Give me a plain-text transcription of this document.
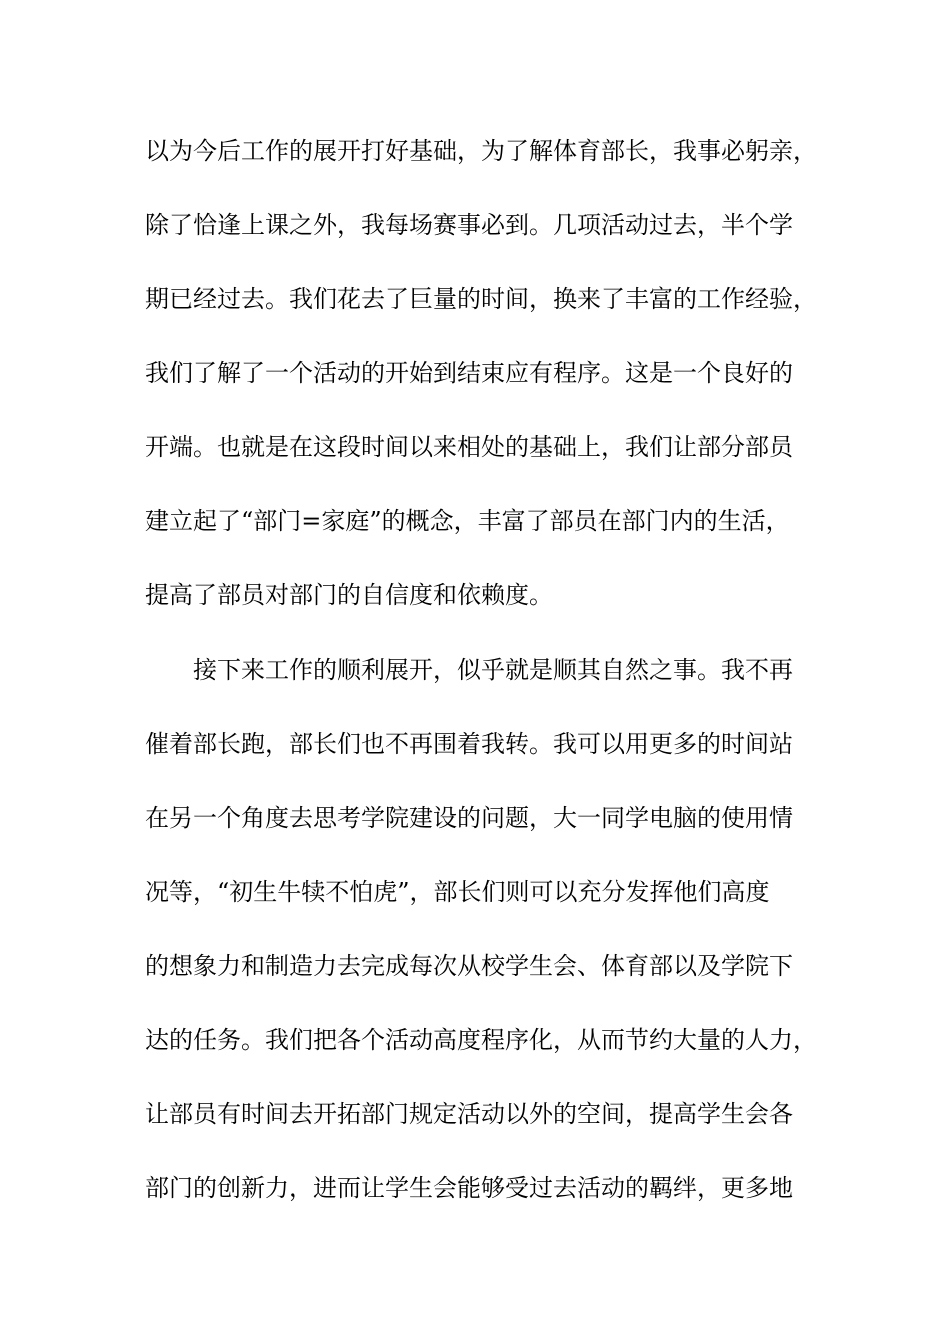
以为今后工作的展开打好基础，为了解体育部长，我事必躬亲，
除了恰逢上课之外，我每场赛事必到。几项活动过去，半个学
期已经过去。我们花去了巨量的时间，换来了丰富的工作经验，
我们了解了一个活动的开始到结束应有程序。这是一个良好的
开端。也就是在这段时间以来相处的基础上，我们让部分部员
建立起了“部门=家庭”的概念，丰富了部员在部门内的生活，
提高了部员对部门的自信度和依赖度。
接下来工作的顺利展开，似乎就是顺其自然之事。我不再
催着部长跑，部长们也不再围着我转。我可以用更多的时间站
在另一个角度去思考学院建设的问题，大一同学电脑的使用情
况等，“初生牛犊不怕虎”，部长们则可以充分发挥他们高度
的想象力和制造力去完成每次从校学生会、体育部以及学院下
达的任务。我们把各个活动高度程序化，从而节约大量的人力，
让部员有时间去开拓部门规定活动以外的空间，提高学生会各
部门的创新力，进而让学生会能够受过去活动的羁绊，更多地
